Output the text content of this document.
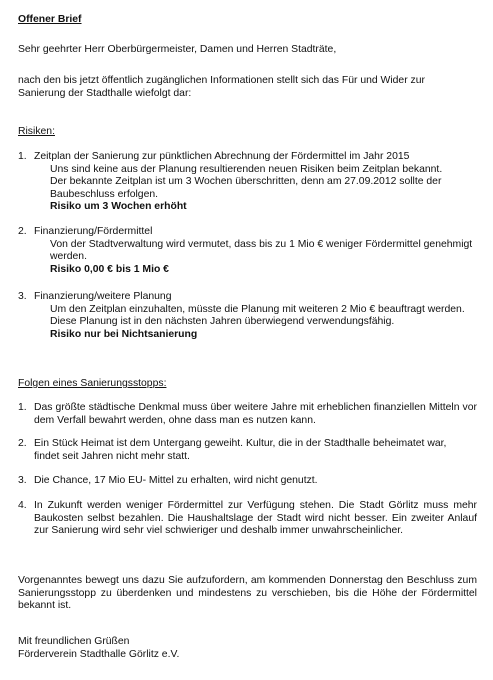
Offener Brief

Sehr geehrter Herr Oberbürgermeister, Damen und Herren Stadträte,

nach den bis jetzt öffentlich zugänglichen Informationen stellt sich das Für und Wider zur Sanierung der Stadthalle wiefolgt dar:

Risiken:

1. Zeitplan der Sanierung zur pünktlichen Abrechnung der Fördermittel im Jahr 2015

Uns sind keine aus der Planung resultierenden neuen Risiken beim Zeitplan bekannt.

Der bekannte Zeitplan ist um 3 Wochen überschritten, denn am 27.09.2012 sollte der Baubeschluss erfolgen.

Risiko um 3 Wochen erhöht

2. Finanzierung/Fördermittel

Von der Stadtverwaltung wird vermutet, dass bis zu 1 Mio € weniger Fördermittel genehmigt werden.

Risiko 0,00 € bis 1 Mio €

3. Finanzierung/weitere Planung

Um den Zeitplan einzuhalten, müsste die Planung mit weiteren 2 Mio € beauftragt werden.

Diese Planung ist in den nächsten Jahren überwiegend verwendungsfähig.

Risiko nur bei Nichtsanierung

Folgen eines Sanierungsstopps:

1. Das größte städtische Denkmal muss über weitere Jahre mit erheblichen finanziellen Mitteln vor dem Verfall bewahrt werden, ohne dass man es nutzen kann.

2. Ein Stück Heimat ist dem Untergang geweiht. Kultur, die in der Stadthalle beheimatet war, findet seit Jahren nicht mehr statt.

3. Die Chance, 17 Mio EU- Mittel zu erhalten, wird nicht genutzt.

4. In Zukunft werden weniger Fördermittel zur Verfügung stehen. Die Stadt Görlitz muss mehr Baukosten selbst bezahlen. Die Haushaltslage der Stadt wird nicht besser. Ein zweiter Anlauf zur Sanierung wird sehr viel schwieriger und deshalb immer unwahrscheinlicher.

Vorgenanntes bewegt uns dazu Sie aufzufordern, am kommenden Donnerstag den Beschluss zum Sanierungsstopp zu überdenken und mindestens zu verschieben, bis die Höhe der Fördermittel bekannt ist.

Mit freundlichen Grüßen

Förderverein Stadthalle Görlitz e.V.
